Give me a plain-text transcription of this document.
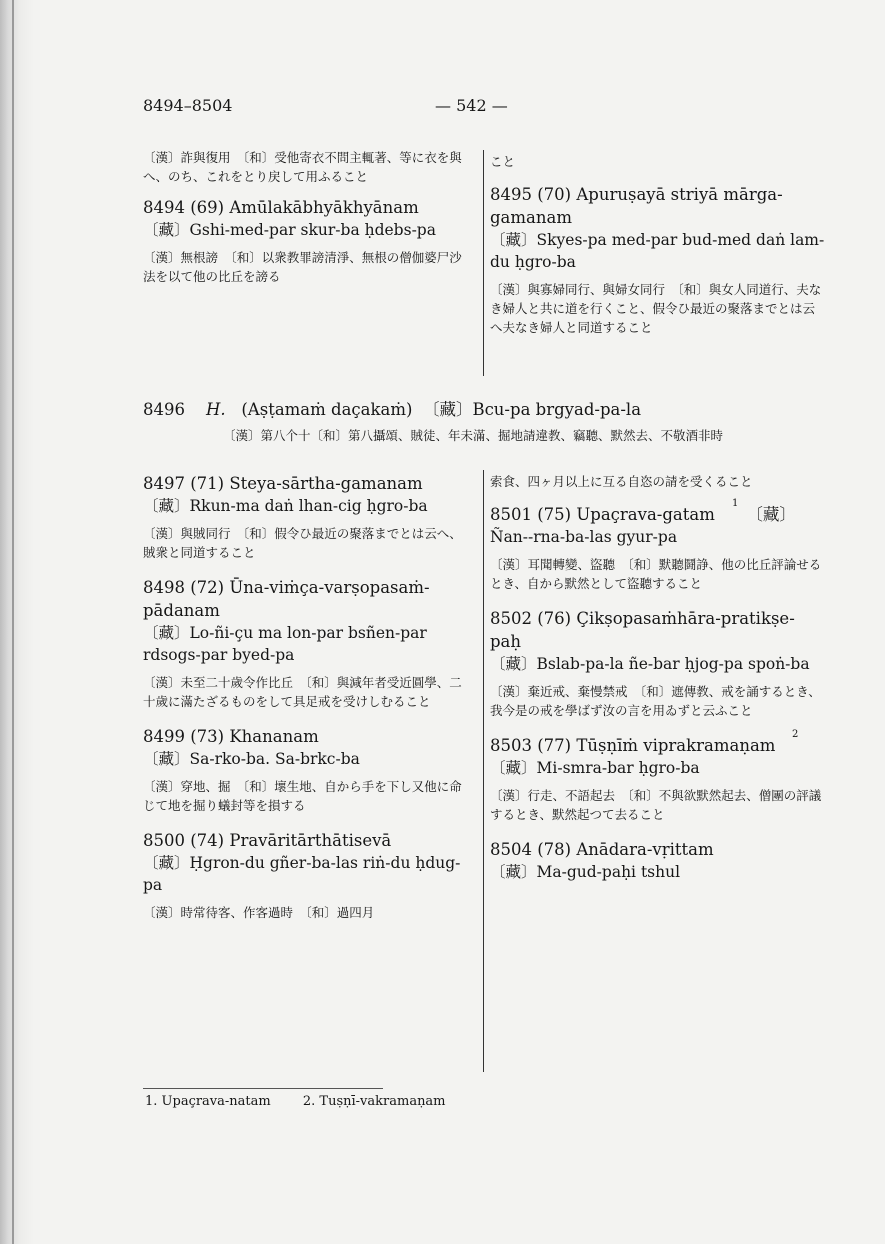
8494–8504	— 542 —
〔漢〕詐與復用　〔和〕受他寄衣不問主輒著、等に衣を與へ、のち、これをとり戻して用ふること
8494 (69) Amūlakābhyākhyānam
〔藏〕Gshi-med-par skur-ba ḥdebs-pa
〔漢〕無根謗　〔和〕以衆教罪謗清淨、無根の僧伽婆尸沙法を以て他の比丘を謗る
こと
8495 (70) Apuruṣayā striyā mārga-gamanam
〔藏〕Skyes-pa med-par bud-med daṅ lam-du ḥgro-ba
〔漢〕與寡婦同行、與婦女同行　〔和〕與女人同道行、夫なき婦人と共に道を行くこと、假令ひ最近の聚落までとは云へ夫なき婦人と同道すること
8496 H. (Aṣṭamaṁ daçakaṁ) 〔藏〕Bcu-pa brgyad-pa-la
〔漢〕第八个十〔和〕第八攝頌、賊徒、年未滿、掘地請違教、竊聽、默然去、不敬酒非時
8497 (71) Steya-sārtha-gamanam
〔藏〕Rkun-ma daṅ lhan-cig ḥgro-ba
〔漢〕與賊同行　〔和〕假令ひ最近の聚落までとは云へ、賊衆と同道すること
8498 (72) Ūna-viṁça-varṣopasaṁ-pādanam
〔藏〕Lo-ñi-çu ma lon-par bsñen-par rdsogs-par byed-pa
〔漢〕未至二十歲令作比丘　〔和〕與減年者受近圓學、二十歲に滿たざるものをして具足戒を受けしむること
8499 (73) Khananam
〔藏〕Sa-rko-ba. Sa-brkc-ba
〔漢〕穿地、掘　〔和〕壞生地、自から手を下し又他に命じて地を掘り蟻封等を損する
8500 (74) Pravāritārthātisevā
〔藏〕Ḥgron-du gñer-ba-las riṅ-du ḥdug-pa
〔漢〕時常待客、作客過時　〔和〕過四月
索食、四ヶ月以上に互る自恣の請を受くること
1
8501 (75) Upaçrava-gatam 〔藏〕
Ñan--rna-ba-las gyur-pa
〔漢〕耳聞轉變、盜聽　〔和〕默聽鬪諍、他の比丘評論せるとき、自から默然として盜聽すること
8502 (76) Çikṣopasaṁhāra-pratikṣe-paḥ
〔藏〕Bslab-pa-la ñe-bar ḥjog-pa spoṅ-ba
〔漢〕棄近戒、棄慢禁戒　〔和〕遮傳教、戒を誦するとき、我今是の戒を學ばず汝の言を用ゐずと云ふこと
2
8503 (77) Tūṣṇīṁ viprakramaṇam
〔藏〕Mi-smra-bar ḥgro-ba
〔漢〕行走、不語起去　〔和〕不與欲默然起去、僧團の評議するとき、默然起つて去ること
8504 (78) Anādara-vṛittam
〔藏〕Ma-gud-paḥi tshul
1. Upaçrava-natam 2. Tuṣṇī-vakramaṇam
